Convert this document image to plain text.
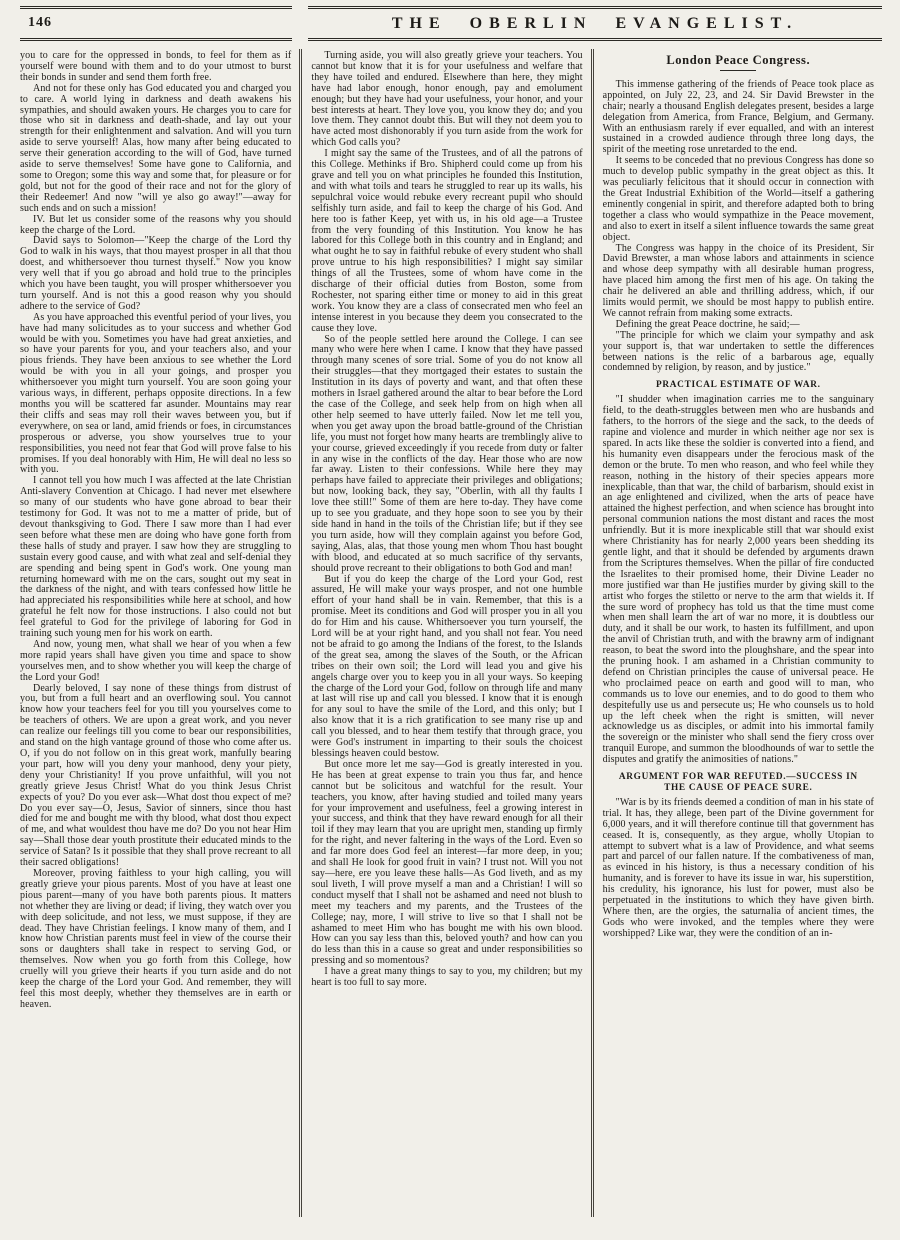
146	THE OBERLIN EVANGELIST.

you to care for the oppressed in bonds, to feel for them as if yourself were bound with them and to do your utmost to burst their bonds in sunder and send them forth free.

And not for these only has God educated you and charged you to care. A world lying in darkness and death awakens his sympathies, and should awaken yours. He charges you to care for those who sit in darkness and death-shade, and lay out your strength for their enlightenment and salvation. And will you turn aside to serve yourself! Alas, how many after being educated to serve their generation according to the will of God, have turned aside to serve themselves! Some have gone to California, and some to Oregon; some this way and some that, for pleasure or for gold, but not for the good of their race and not for the glory of their Redeemer! And now "will ye also go away!"—away for such ends and on such a mission!

IV. But let us consider some of the reasons why you should keep the charge of the Lord.

David says to Solomon—"Keep the charge of the Lord thy God to walk in his ways, that thou mayest prosper in all that thou doest, and whithersoever thou turnest thyself." Now you know very well that if you go abroad and hold true to the principles which you have been taught, you will prosper whithersoever you turn yourself. And is not this a good reason why you should adhere to the service of God?

As you have approached this eventful period of your lives, you have had many solicitudes as to your success and whether God would be with you. Sometimes you have had great anxieties, and so have your parents for you, and your teachers also, and your pious friends. They have been anxious to see whether the Lord would be with you in all your goings, and prosper you whithersoever you might turn yourself. You are soon going your various ways, in different, perhaps opposite directions. In a few months you will be scattered far asunder. Mountains may rear their cliffs and seas may roll their waves between you, but if everywhere, on sea or land, amid friends or foes, in circumstances prosperous or adverse, you show yourselves true to your responsibilities, you need not fear that God will prove false to his promises. If you deal honorably with Him, He will deal no less so with you.

I cannot tell you how much I was affected at the late Christian Anti-slavery Convention at Chicago. I had never met elsewhere so many of our students who have gone abroad to bear their testimony for God. It was not to me a matter of pride, but of devout thanksgiving to God. There I saw more than I had ever seen before what these men are doing who have gone forth from these halls of study and prayer. I saw how they are struggling to sustain every good cause, and with what zeal and self-denial they are spending and being spent in God's work. One young man returning homeward with me on the cars, sought out my seat in the darkness of the night, and with tears confessed how little he had appreciated his responsibilities while here at school, and how grateful he felt now for those instructions. I also could not but feel grateful to God for the privilege of laboring for God in training such young men for his work on earth.

And now, young men, what shall we hear of you when a few more rapid years shall have given you time and space to show yourselves men, and to show whether you will keep the charge of the Lord your God!

Dearly beloved, I say none of these things from distrust of you, but from a full heart and an overflowing soul. You cannot know how your teachers feel for you till you yourselves come to be teachers of others. We are upon a great work, and you never can realize our feelings till you come to bear our responsibilities, and stand on the high vantage ground of those who come after us. O, if you do not follow on in this great work, manfully bearing your part, how will you deny your manhood, deny your piety, deny your Christianity! If you prove unfaithful, will you not greatly grieve Jesus Christ! What do you think Jesus Christ expects of you? Do you ever ask—What dost thou expect of me? Do you ever say—O, Jesus, Savior of sinners, since thou hast died for me and bought me with thy blood, what dost thou expect of me, and what wouldest thou have me do? Do you not hear Him say—Shall those dear youth prostitute their educated minds to the service of Satan? Is it possible that they shall prove recreant to all their sacred obligations!

Moreover, proving faithless to your high calling, you will greatly grieve your pious parents. Most of you have at least one pious parent—many of you have both parents pious. It matters not whether they are living or dead; if living, they watch over you with deep solicitude, and not less, we must suppose, if they are dead. They have Christian feelings. I know many of them, and I know how Christian parents must feel in view of the course their sons or daughters shall take in respect to serving God, or themselves. Now when you go forth from this College, how cruelly will you grieve their hearts if you turn aside and do not keep the charge of the Lord your God. And remember, they will feel this most deeply, whether they themselves are in earth or heaven.

Turning aside, you will also greatly grieve your teachers. You cannot but know that it is for your usefulness and welfare that they have toiled and endured. Elsewhere than here, they might have had labor enough, honor enough, pay and emolument enough; but they have had your usefulness, your honor, and your best interests at heart. They love you, you know they do; and you love them. They cannot doubt this. But will they not deem you to have acted most dishonorably if you turn aside from the work for which God calls you?

I might say the same of the Trustees, and of all the patrons of this College. Methinks if Bro. Shipherd could come up from his grave and tell you on what principles he founded this Institution, and with what toils and tears he struggled to rear up its walls, his sepulchral voice would rebuke every recreant pupil who should selfishly turn aside, and fail to keep the charge of his God. And here too is father Keep, yet with us, in his old age—a Trustee from the very founding of this Institution. You know he has labored for this College both in this country and in England; and what ought he to say in faithful rebuke of every student who shall prove untrue to his high responsibilities? I might say similar things of all the Trustees, some of whom have come in the discharge of their official duties from Boston, some from Rochester, not sparing either time or money to aid in this great work. You know they are a class of consecrated men who feel an intense interest in you because they deem you consecrated to the cause they love.

So of the people settled here around the College. I can see many who were here when I came. I know that they have passed through many scenes of sore trial. Some of you do not know all their struggles—that they mortgaged their estates to sustain the Institution in its days of poverty and want, and that often these mothers in Israel gathered around the altar to bear before the Lord the case of the College, and seek help from on high when all other help seemed to have utterly failed. Now let me tell you, when you get away upon the broad battle-ground of the Christian life, you must not forget how many hearts are tremblingly alive to your course, grieved exceedingly if you recede from duty or falter in any wise in the conflicts of the day. Hear those who are now far away. Listen to their confessions. While here they may perhaps have failed to appreciate their privileges and obligations; but now, looking back, they say, "Oberlin, with all thy faults I love thee still!" Some of them are here to-day. They have come up to see you graduate, and they hope soon to see you by their side hand in hand in the toils of the Christian life; but if they see you turn aside, how will they complain against you before God, saying, Alas, alas, that those young men whom Thou hast bought with blood, and educated at so much sacrifice of thy servants, should prove recreant to their obligations to both God and man!

But if you do keep the charge of the Lord your God, rest assured, He will make your ways prosper, and not one humble effort of your hand shall be in vain. Remember, that this is a promise. Meet its conditions and God will prosper you in all you do for Him and his cause. Whithersoever you turn yourself, the Lord will be at your right hand, and you shall not fear. You need not be afraid to go among the Indians of the forest, to the Islands of the great sea, among the slaves of the South, or the African tribes on their own soil; the Lord will lead you and give his angels charge over you to keep you in all your ways. So keeping the charge of the Lord your God, follow on through life and many at last will rise up and call you blessed. I know that it is enough for any soul to have the smile of the Lord, and this only; but I also know that it is a rich gratification to see many rise up and call you blessed, and to hear them testify that through grace, you were God's instrument in imparting to their souls the choicest blessings heaven could bestow.

But once more let me say—God is greatly interested in you. He has been at great expense to train you thus far, and hence cannot but be solicitous and watchful for the result. Your teachers, you know, after having studied and toiled many years for your improvement and usefulness, feel a growing interest in your success, and think that they have reward enough for all their toil if they may learn that you are upright men, standing up firmly for the right, and never faltering in the ways of the Lord. Even so and far more does God feel an interest—far more deep, in you; and shall He look for good fruit in vain? I trust not. Will you not say—here, ere you leave these halls—As God liveth, and as my soul liveth, I will prove myself a man and a Christian! I will so conduct myself that I shall not be ashamed and need not blush to meet my teachers and my parents, and the Trustees of the College; nay, more, I will strive to live so that I shall not be ashamed to meet Him who has bought me with his own blood. How can you say less than this, beloved youth? and how can you do less than this in a cause so great and under responsibilities so pressing and so momentous?

I have a great many things to say to you, my children; but my heart is too full to say more.

London Peace Congress.

This immense gathering of the friends of Peace took place as appointed, on July 22, 23, and 24. Sir David Brewster in the chair; nearly a thousand English delegates present, besides a large delegation from America, from France, Belgium, and Germany. With an enthusiasm rarely if ever equalled, and with an interest sustained in a crowded audience through three long days, the spirit of the meeting rose unretarded to the end.

It seems to be conceded that no previous Congress has done so much to develop public sympathy in the great object as this. It was peculiarly felicitous that it should occur in connection with the Great Industrial Exhibition of the World—itself a gathering eminently congenial in spirit, and therefore adapted both to bring together a class who would sympathize in the Peace movement, and also to exert in itself a silent influence towards the same great object.

The Congress was happy in the choice of its President, Sir David Brewster, a man whose labors and attainments in science and whose deep sympathy with all desirable human progress, have placed him among the first men of his age. On taking the chair he delivered an able and thrilling address, which, if our limits would permit, we should be most happy to publish entire. We cannot refrain from making some extracts.

Defining the great Peace doctrine, he said;—

"The principle for which we claim your sympathy and ask your support is, that war undertaken to settle the differences between nations is the relic of a barbarous age, equally condemned by religion, by reason, and by justice."

PRACTICAL ESTIMATE OF WAR.

"I shudder when imagination carries me to the sanguinary field, to the death-struggles between men who are husbands and fathers, to the horrors of the siege and the sack, to the deeds of rapine and violence and murder in which neither age nor sex is spared. In acts like these the soldier is converted into a fiend, and his humanity even disappears under the ferocious mask of the demon or the brute. To men who reason, and who feel while they reason, nothing in the history of their species appears more inexplicable, than that war, the child of barbarism, should exist in an age enlightened and civilized, when the arts of peace have attained the highest perfection, and when science has brought into personal communion nations the most distant and races the most unfriendly. But it is more inexplicable still that war should exist where Christianity has for nearly 2,000 years been shedding its gentle light, and that it should be defended by arguments drawn from the Scriptures themselves. When the pillar of fire conducted the Israelites to their promised home, their Divine Leader no more justified war than He justifies murder by giving skill to the artist who forges the stiletto or nerve to the arm that wields it. If the sure word of prophecy has told us that the time must come when men shall learn the art of war no more, it is doubtless our duty, and it shall be our work, to hasten its fulfillment, and upon the anvil of Christian truth, and with the brawny arm of indignant reason, to beat the sword into the ploughshare, and the spear into the pruning hook. I am ashamed in a Christian community to defend on Christian principles the cause of universal peace. He who proclaimed peace on earth and good will to man, who commands us to love our enemies, and to do good to them who despitefully use us and persecute us; He who counsels us to hold up the left cheek when the right is smitten, will never acknowledge us as disciples, or admit into his immortal family the sovereign or the minister who shall send the fiery cross over tranquil Europe, and summon the bloodhounds of war to settle the disputes and gratify the animosities of nations."

ARGUMENT FOR WAR REFUTED.—SUCCESS IN THE CAUSE OF PEACE SURE.

"War is by its friends deemed a condition of man in his state of trial. It has, they allege, been part of the Divine government for 6,000 years, and it will therefore continue till that government has ceased. It is, consequently, as they argue, wholly Utopian to attempt to subvert what is a law of Providence, and what seems part and parcel of our fallen nature. If the combativeness of man, as evinced in his history, is thus a necessary condition of his humanity, and is forever to have its issue in war, his superstition, his credulity, his ignorance, his lust for power, must also be perpetuated in the institutions to which they have given birth. Where then, are the orgies, the saturnalia of ancient times, the Gods who were invoked, and the temples where they were worshipped? Like war, they were the condition of an in-
